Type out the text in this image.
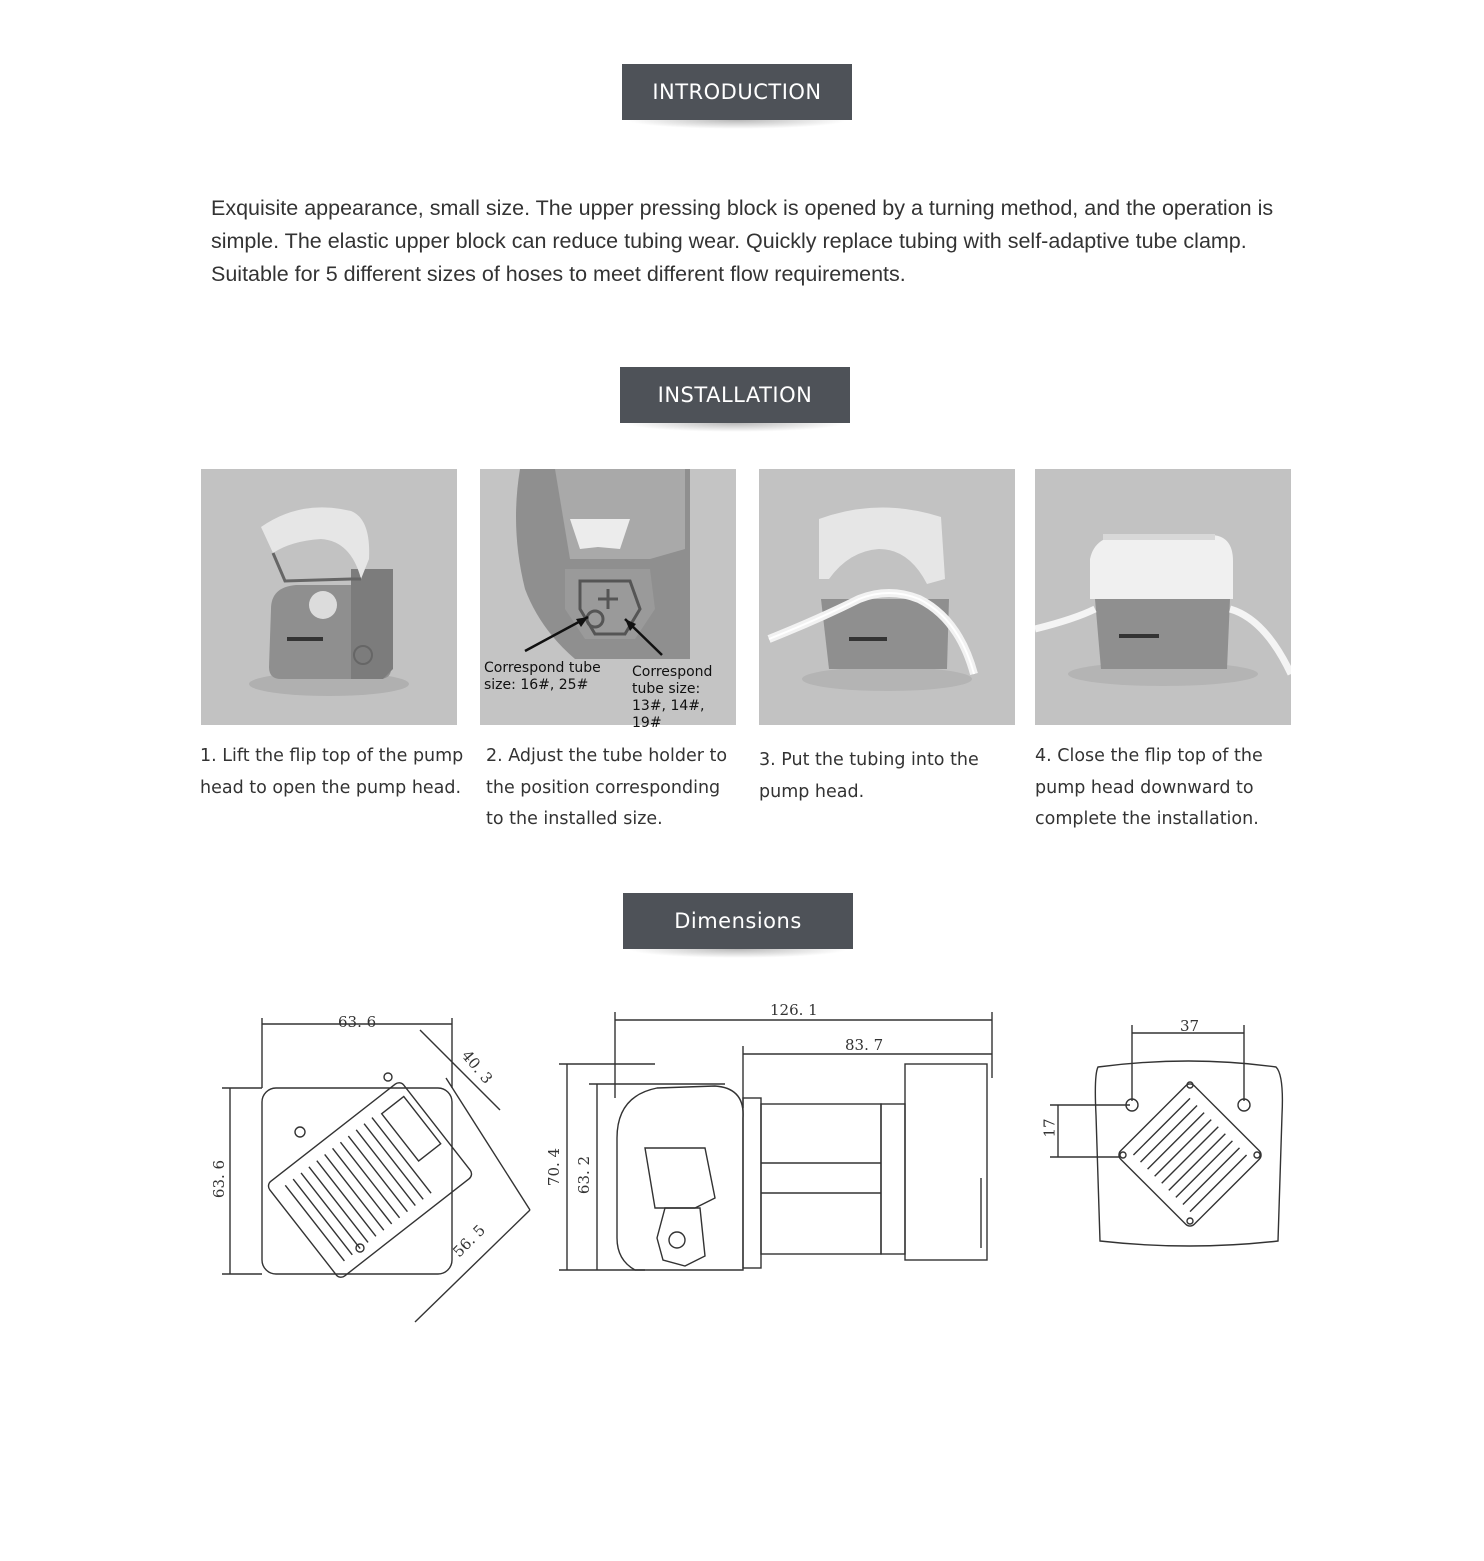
INTRODUCTION

Exquisite appearance, small size. The upper pressing block is opened by a turning method, and the operation is simple. The elastic upper block can reduce tubing wear. Quickly replace tubing with self-adaptive tube clamp. Suitable for 5 different sizes of hoses to meet different flow requirements.

INSTALLATION
Correspond tube size: 16#, 25#
Correspond tube size: 13#, 14#, 19#
1. Lift the flip top of the pump head to open the pump head.
2. Adjust the tube holder to the position corresponding to the installed size.
3. Put the tubing into the pump head.
4. Close the flip top of the pump head downward to complete the installation.
Dimensions
63. 6
63. 6
40. 3
56. 5
126. 1
83. 7
70. 4 63. 2
37
17
